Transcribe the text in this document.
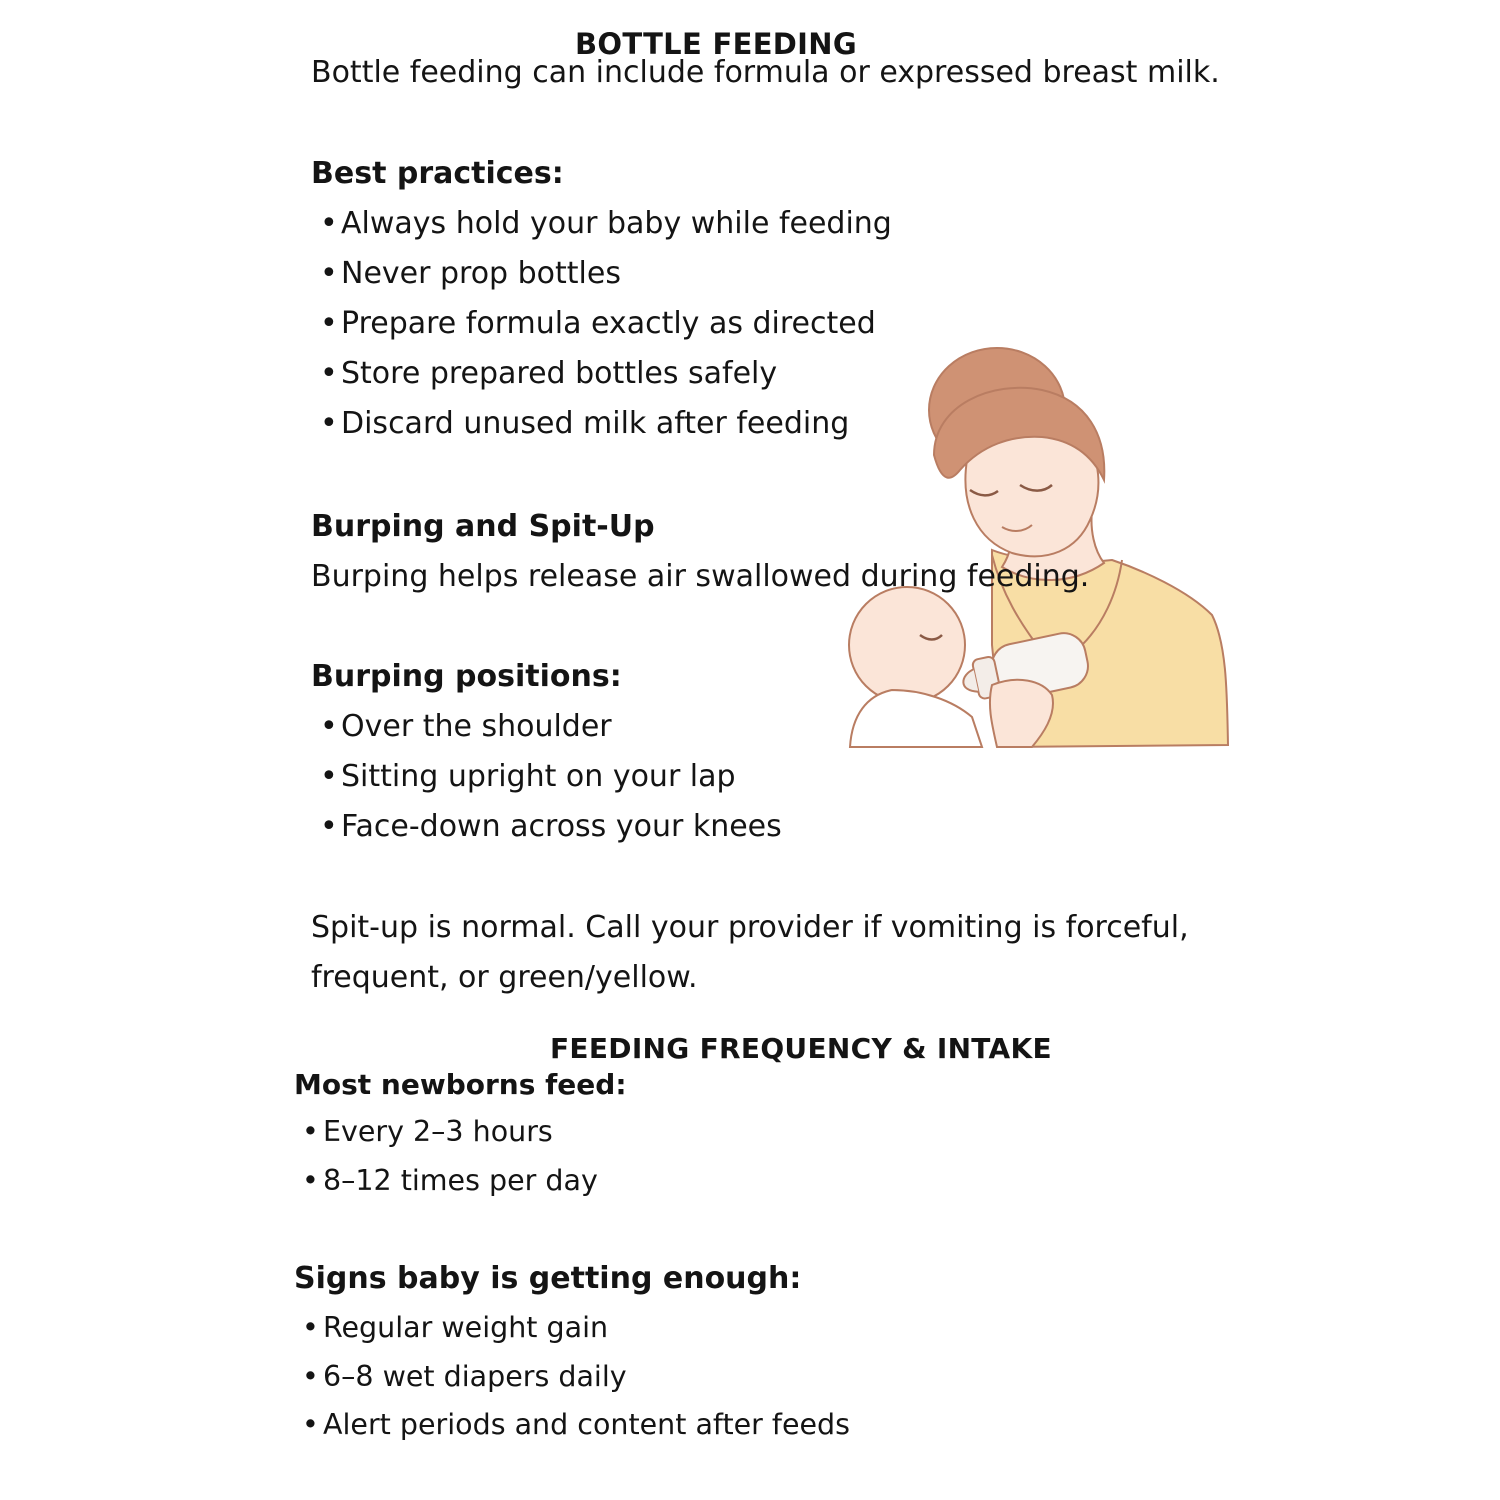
BOTTLE FEEDING

Bottle feeding can include formula or expressed breast milk.

Best practices:
• Always hold your baby while feeding
• Never prop bottles
• Prepare formula exactly as directed
• Store prepared bottles safely
• Discard unused milk after feeding
Burping and Spit-Up
Burping helps release air swallowed during feeding.
Burping positions:
• Over the shoulder
• Sitting upright on your lap
• Face-down across your knees

Spit-up is normal. Call your provider if vomiting is forceful, frequent, or green/yellow.

FEEDING FREQUENCY & INTAKE
Most newborns feed:
• Every 2–3 hours
• 8–12 times per day
Signs baby is getting enough:
• Regular weight gain
• 6–8 wet diapers daily
• Alert periods and content after feeds
